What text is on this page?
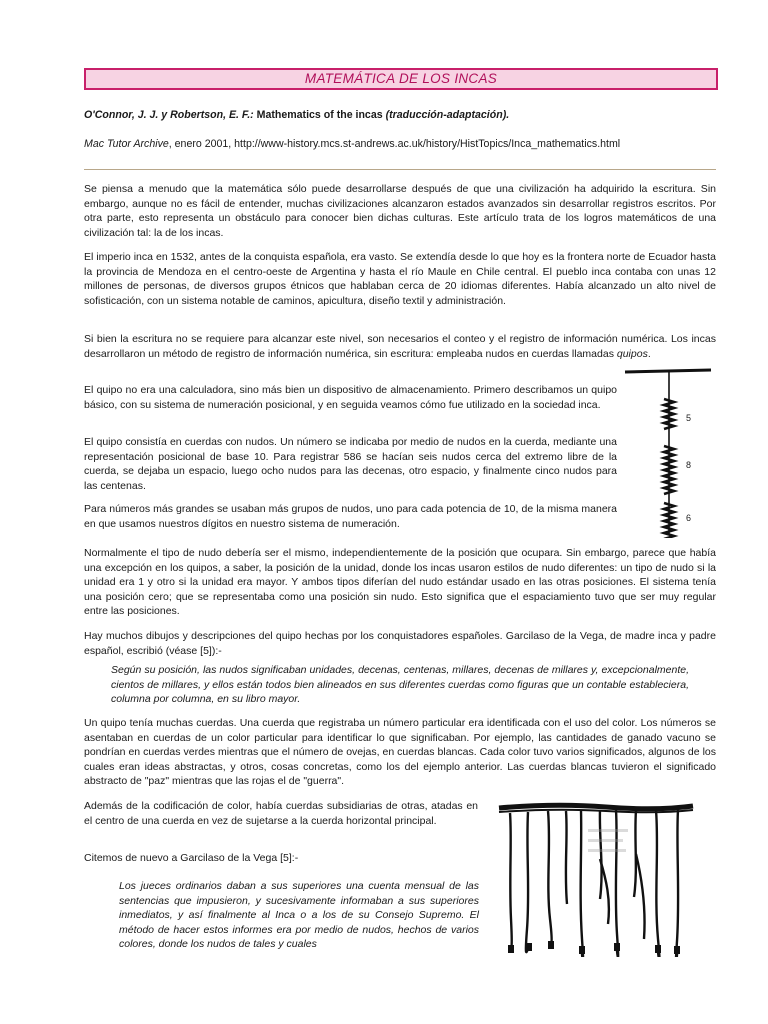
MATEMÁTICA DE LOS INCAS
O'Connor, J. J. y Robertson, E. F.: Mathematics of the incas (traducción-adaptación).
Mac Tutor Archive, enero 2001, http://www-history.mcs.st-andrews.ac.uk/history/HistTopics/Inca_mathematics.html

Se piensa a menudo que la matemática sólo puede desarrollarse después de que una civilización ha adquirido la escritura. Sin embargo, aunque no es fácil de entender, muchas civilizaciones alcanzaron estados avanzados sin desarrollar registros escritos. Por otra parte, esto representa un obstáculo para conocer bien dichas culturas. Este artículo trata de los logros matemáticos de una civilización tal: la de los incas.

El imperio inca en 1532, antes de la conquista española, era vasto. Se extendía desde lo que hoy es la frontera norte de Ecuador hasta la provincia de Mendoza en el centro-oeste de Argentina y hasta el río Maule en Chile central. El pueblo inca contaba con unas 12 millones de personas, de diversos grupos étnicos que hablaban cerca de 20 idiomas diferentes. Había alcanzado un alto nivel de sofisticación, con un sistema notable de caminos, apicultura, diseño textil y administración.

Si bien la escritura no se requiere para alcanzar este nivel, son necesarios el conteo y el registro de información numérica. Los incas desarrollaron un método de registro de información numérica, sin escritura: empleaba nudos en cuerdas llamadas quipos.

El quipo no era una calculadora, sino más bien un dispositivo de almacenamiento. Primero describamos un quipo básico, con su sistema de numeración posicional, y en seguida veamos cómo fue utilizado en la sociedad inca.

El quipo consistía en cuerdas con nudos. Un número se indicaba por medio de nudos en la cuerda, mediante una representación posicional de base 10. Para registrar 586 se hacían seis nudos cerca del extremo libre de la cuerda, se dejaba un espacio, luego ocho nudos para las decenas, otro espacio, y finalmente cinco nudos para las centenas.

Para números más grandes se usaban más grupos de nudos, uno para cada potencia de 10, de la misma manera en que usamos nuestros dígitos en nuestro sistema de numeración.

Normalmente el tipo de nudo debería ser el mismo, independientemente de la posición que ocupara. Sin embargo, parece que había una excepción en los quipos, a saber, la posición de la unidad, donde los incas usaron estilos de nudo diferentes: un tipo de nudo si la unidad era 1 y otro si la unidad era mayor. Y ambos tipos diferían del nudo estándar usado en las otras posiciones. El sistema tenía una posición cero; que se representaba como una posición sin nudo. Esto significa que el espaciamiento tuvo que ser muy regular entre las posiciones.

Hay muchos dibujos y descripciones del quipo hechas por los conquistadores españoles. Garcilaso de la Vega, de madre inca y padre español, escribió (véase [5]):-

Según su posición, las nudos significaban unidades, decenas, centenas, millares, decenas de millares y, excepcionalmente, cientos de millares, y ellos están todos bien alineados en sus diferentes cuerdas como figuras que un contable estableciera, columna por columna, en su libro mayor.

Un quipo tenía muchas cuerdas. Una cuerda que registraba un número particular era identificada con el uso del color. Los números se asentaban en cuerdas de un color particular para identificar lo que significaban. Por ejemplo, las cantidades de ganado vacuno se pondrían en cuerdas verdes mientras que el número de ovejas, en cuerdas blancas. Cada color tuvo varios significados, algunos de los cuales eran ideas abstractas, y otros, cosas concretas, como los del ejemplo anterior. Las cuerdas blancas tuvieron el significado abstracto de "paz" mientras que las rojas el de "guerra".

Además de la codificación de color, había cuerdas subsidiarias de otras, atadas en el centro de una cuerda en vez de sujetarse a la cuerda horizontal principal.

Citemos de nuevo a Garcilaso de la Vega [5]:-

Los jueces ordinarios daban a sus superiores una cuenta mensual de las sentencias que impusieron, y sucesivamente informaban a sus superiores inmediatos, y así finalmente al Inca o a los de su Consejo Supremo. El método de hacer estos informes era por medio de nudos, hechos de varios colores, donde los nudos de tales y cuales

5
8
6
